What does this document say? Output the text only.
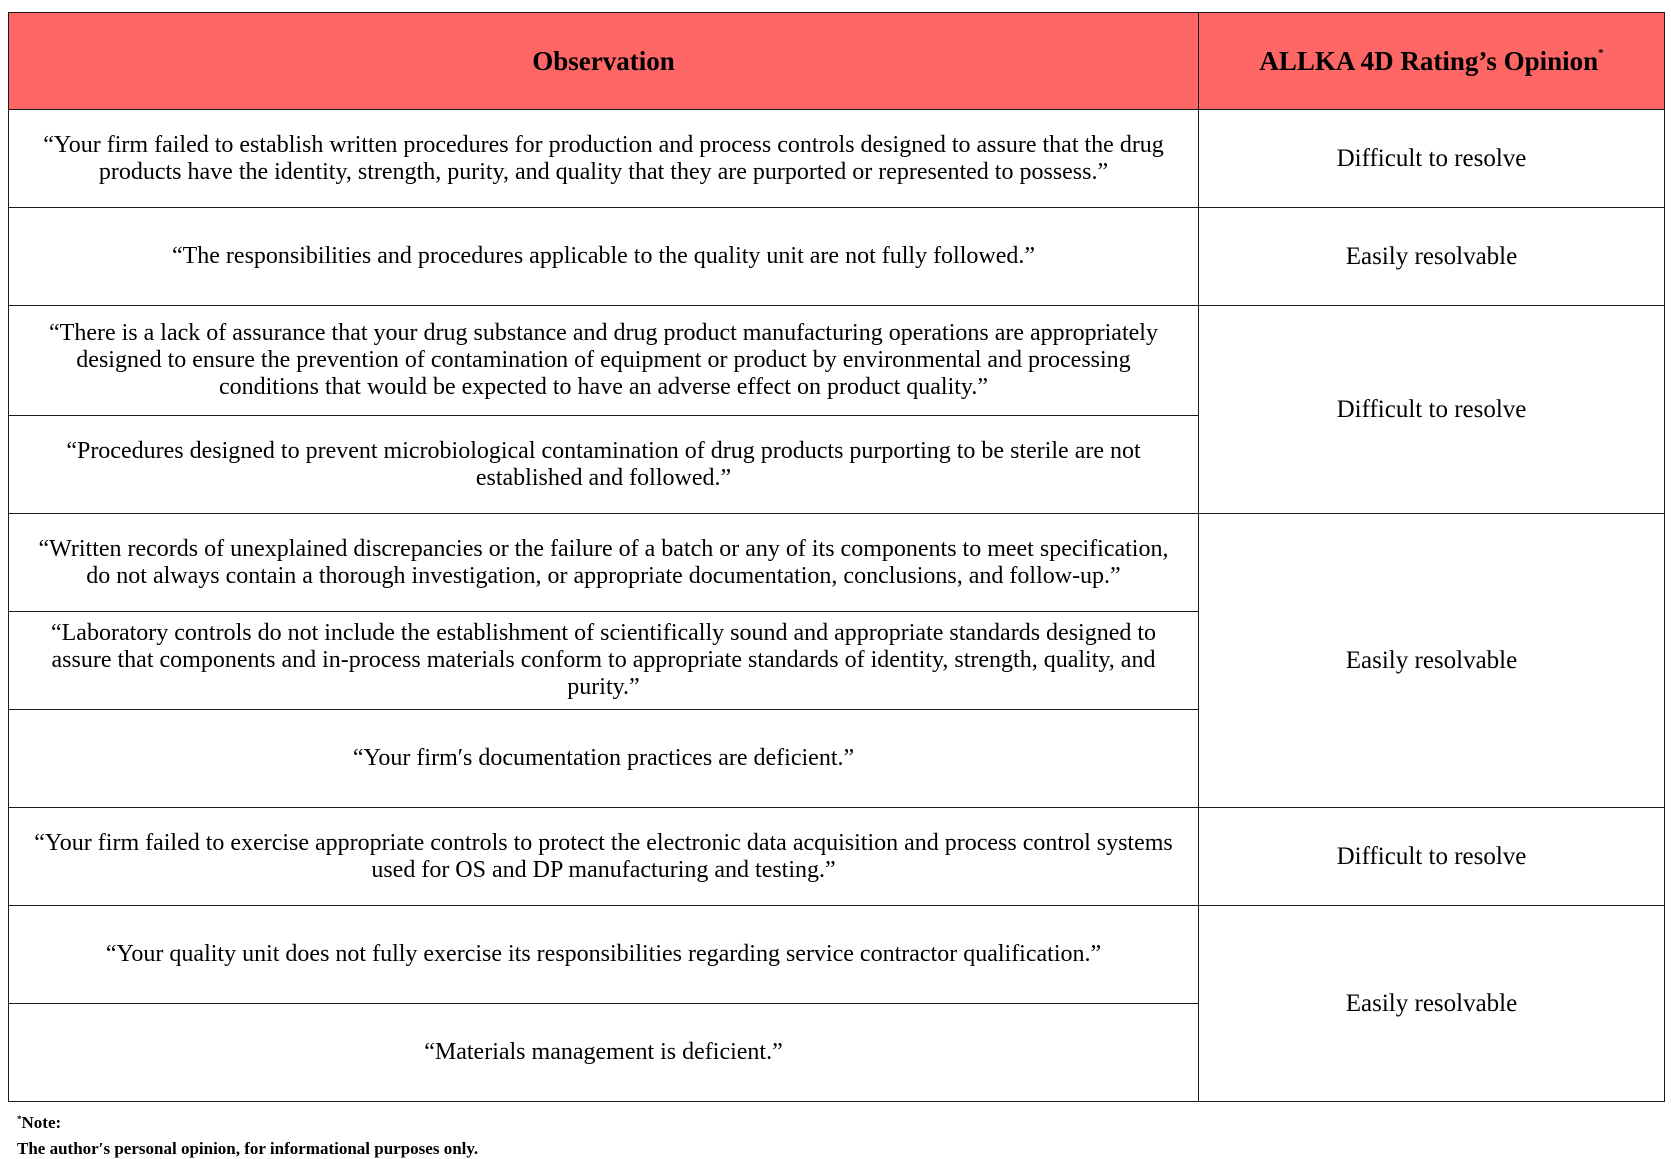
Observation	ALLKA 4D Rating’s Opinion*
“Your firm failed to establish written procedures for production and process controls designed to assure that the drug products have the identity, strength, purity, and quality that they are purported or represented to possess.”	Difficult to resolve
“The responsibilities and procedures applicable to the quality unit are not fully followed.”	Easily resolvable
“There is a lack of assurance that your drug substance and drug product manufacturing operations are appropriately designed to ensure the prevention of contamination of equipment or product by environmental and processing conditions that would be expected to have an adverse effect on product quality.”	Difficult to resolve
“Procedures designed to prevent microbiological contamination of drug products purporting to be sterile are not established and followed.”	
“Written records of unexplained discrepancies or the failure of a batch or any of its components to meet specification, do not always contain a thorough investigation, or appropriate documentation, conclusions, and follow-up.”	Easily resolvable
“Laboratory controls do not include the establishment of scientifically sound and appropriate standards designed to assure that components and in-process materials conform to appropriate standards of identity, strength, quality, and purity.”	
“Your firm′s documentation practices are deficient.”	
“Your firm failed to exercise appropriate controls to protect the electronic data acquisition and process control systems used for OS and DP manufacturing and testing.”	Difficult to resolve
“Your quality unit does not fully exercise its responsibilities regarding service contractor qualification.”	Easily resolvable
“Materials management is deficient.”	
*Note:
The author′s personal opinion, for informational purposes only.
